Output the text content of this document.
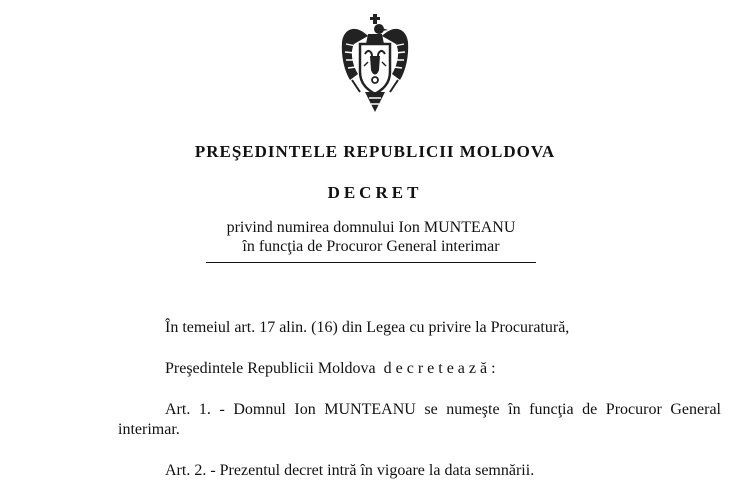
PREŞEDINTELE REPUBLICII MOLDOVA
DECRET
privind numirea domnului Ion MUNTEANU
în funcţia de Procuror General interimar
În temeiul art. 17 alin. (16) din Legea cu privire la Procuratură,
Preşedintele Republicii Moldova decretează:
Art. 1. - Domnul Ion MUNTEANU se numeşte în funcţia de Procuror General interimar.
Art. 2. - Prezentul decret intră în vigoare la data semnării.
